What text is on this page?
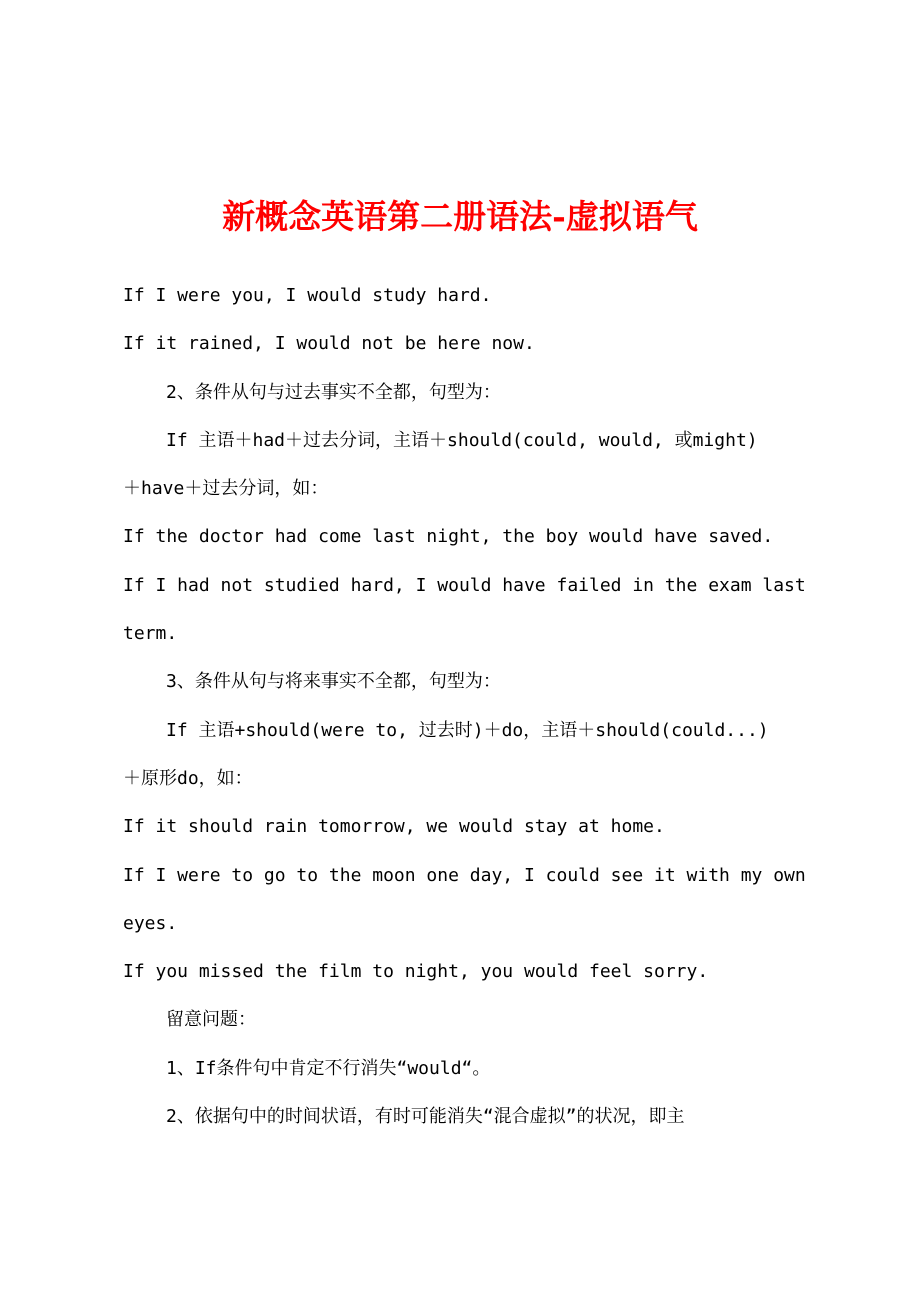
新概念英语第二册语法-虚拟语气
If I were you, I would study hard.
If it rained, I would not be here now.
2、条件从句与过去事实不全都，句型为：
If 主语＋had＋过去分词，主语＋should(could, would, 或might)
＋have＋过去分词，如：
If the doctor had come last night, the boy would have saved.
If I had not studied hard, I would have failed in the exam last
term.
3、条件从句与将来事实不全都，句型为：
If 主语+should(were to, 过去时)＋do，主语＋should(could...)
＋原形do，如：
If it should rain tomorrow, we would stay at home.
If I were to go to the moon one day, I could see it with my own
eyes.
If you missed the film to night, you would feel sorry.
留意问题：
1、If条件句中肯定不行消失“would“。
2、依据句中的时间状语，有时可能消失“混合虚拟”的状况，即主
